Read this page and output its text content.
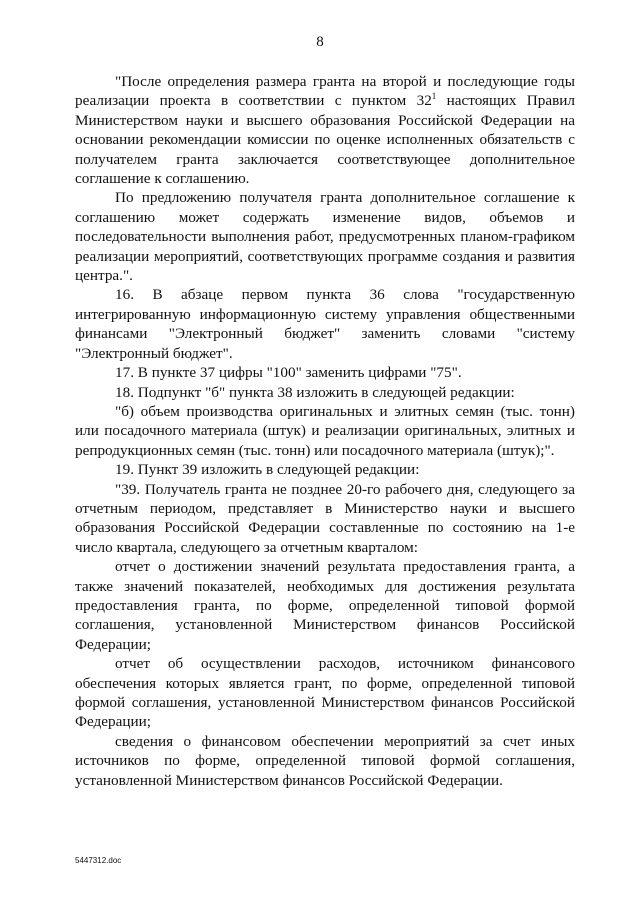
8

"После определения размера гранта на второй и последующие годы реализации проекта в соответствии с пунктом $32^1$ настоящих Правил Министерством науки и высшего образования Российской Федерации на основании рекомендации комиссии по оценке исполненных обязательств с получателем гранта заключается соответствующее дополнительное соглашение к соглашению.

По предложению получателя гранта дополнительное соглашение к соглашению может содержать изменение видов, объемов и последовательности выполнения работ, предусмотренных планом-графиком реализации мероприятий, соответствующих программе создания и развития центра.".

16. В абзаце первом пункта 36 слова "государственную интегрированную информационную систему управления общественными финансами "Электронный бюджет" заменить словами "систему "Электронный бюджет".

17. В пункте 37 цифры "100" заменить цифрами "75".

18. Подпункт "б" пункта 38 изложить в следующей редакции:

"б) объем производства оригинальных и элитных семян (тыс. тонн) или посадочного материала (штук) и реализации оригинальных, элитных и репродукционных семян (тыс. тонн) или посадочного материала (штук);".

19. Пункт 39 изложить в следующей редакции:

"39. Получатель гранта не позднее 20-го рабочего дня, следующего за отчетным периодом, представляет в Министерство науки и высшего образования Российской Федерации составленные по состоянию на 1-е число квартала, следующего за отчетным кварталом:

отчет о достижении значений результата предоставления гранта, а также значений показателей, необходимых для достижения результата предоставления гранта, по форме, определенной типовой формой соглашения, установленной Министерством финансов Российской Федерации;

отчет об осуществлении расходов, источником финансового обеспечения которых является грант, по форме, определенной типовой формой соглашения, установленной Министерством финансов Российской Федерации;

сведения о финансовом обеспечении мероприятий за счет иных источников по форме, определенной типовой формой соглашения, установленной Министерством финансов Российской Федерации.

5447312.doc
